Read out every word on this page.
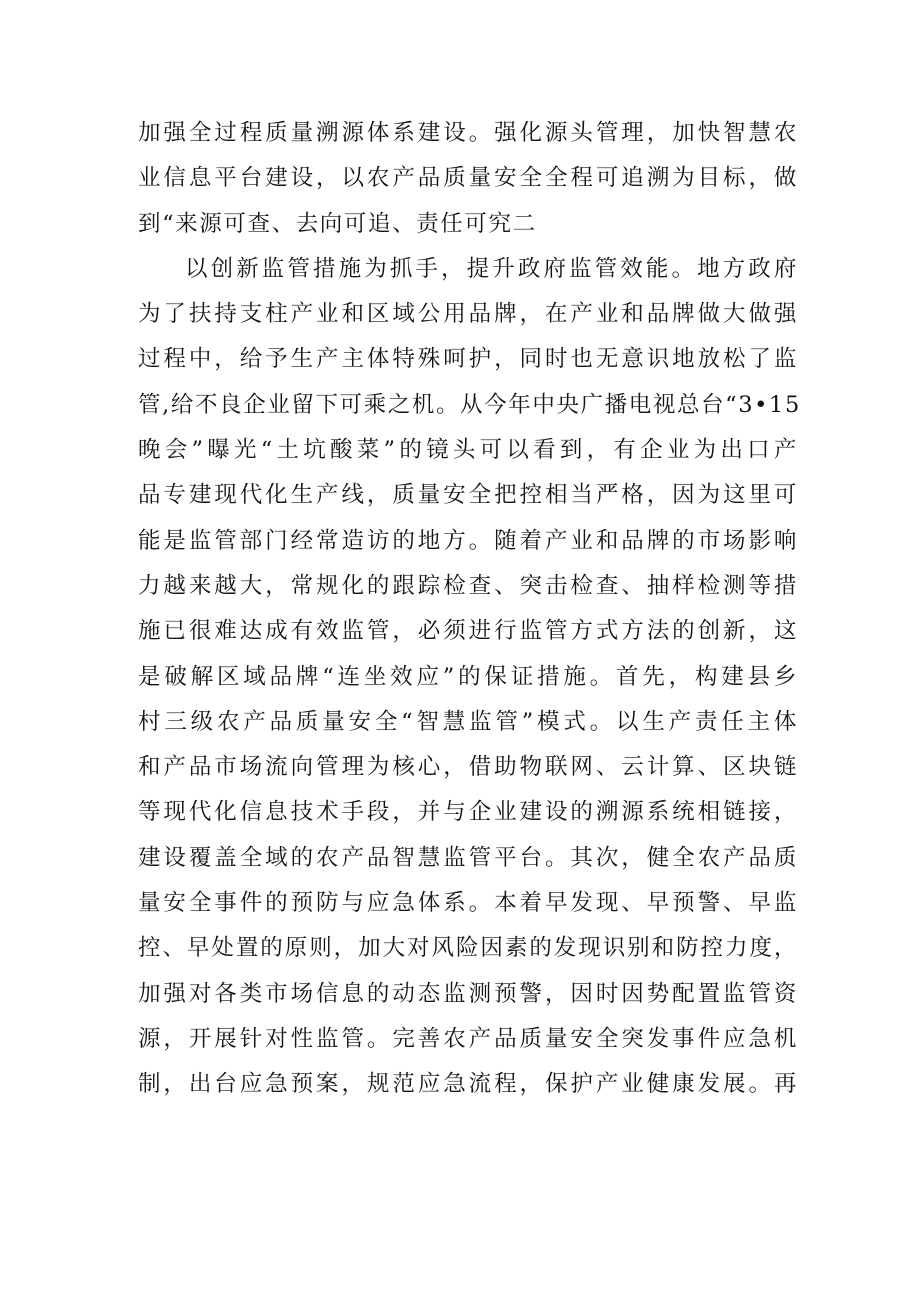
加强全过程质量溯源体系建设。强化源头管理，加快智慧农
业信息平台建设，以农产品质量安全全程可追溯为目标，做
到“来源可查、去向可追、责任可究二
以创新监管措施为抓手，提升政府监管效能。地方政府
为了扶持支柱产业和区域公用品牌，在产业和品牌做大做强
过程中，给予生产主体特殊呵护，同时也无意识地放松了监
管,给不良企业留下可乘之机。从今年中央广播电视总台“3•15
晚会”曝光“土坑酸菜”的镜头可以看到，有企业为出口产
品专建现代化生产线，质量安全把控相当严格，因为这里可
能是监管部门经常造访的地方。随着产业和品牌的市场影响
力越来越大，常规化的跟踪检查、突击检查、抽样检测等措
施已很难达成有效监管，必须进行监管方式方法的创新，这
是破解区域品牌“连坐效应”的保证措施。首先，构建县乡
村三级农产品质量安全“智慧监管”模式。以生产责任主体
和产品市场流向管理为核心，借助物联网、云计算、区块链
等现代化信息技术手段，并与企业建设的溯源系统相链接，
建设覆盖全域的农产品智慧监管平台。其次，健全农产品质
量安全事件的预防与应急体系。本着早发现、早预警、早监
控、早处置的原则，加大对风险因素的发现识别和防控力度，
加强对各类市场信息的动态监测预警，因时因势配置监管资
源，开展针对性监管。完善农产品质量安全突发事件应急机
制，出台应急预案，规范应急流程，保护产业健康发展。再
